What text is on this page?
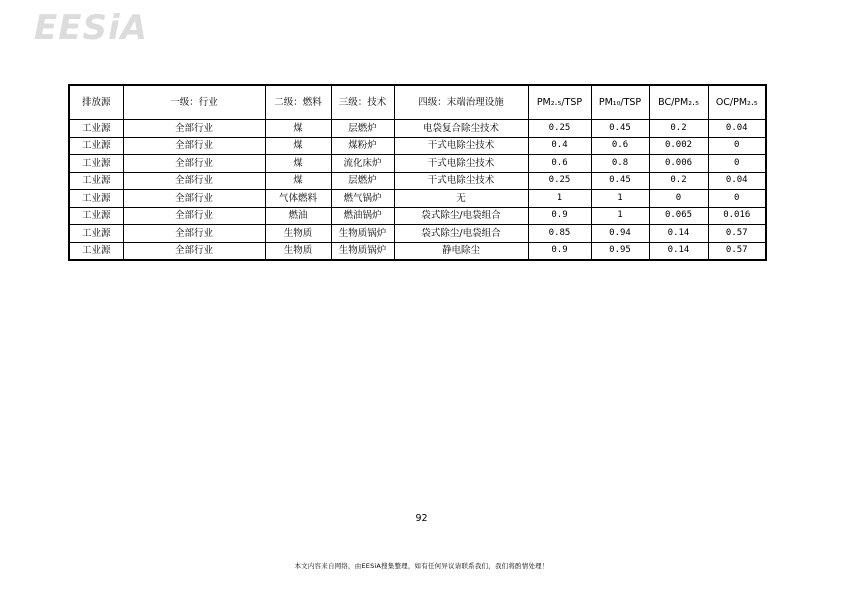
EESiA
排放源	一级：行业	二级：燃料	三级：技术	四级：末端治理设施	PM₂.₅/TSP	PM₁₀/TSP	BC/PM₂.₅	OC/PM₂.₅
工业源	全部行业	煤	层燃炉	电袋复合除尘技术	0.25	0.45	0.2	0.04
工业源	全部行业	煤	煤粉炉	干式电除尘技术	0.4	0.6	0.002	0
工业源	全部行业	煤	流化床炉	干式电除尘技术	0.6	0.8	0.006	0
工业源	全部行业	煤	层燃炉	干式电除尘技术	0.25	0.45	0.2	0.04
工业源	全部行业	气体燃料	燃气锅炉	无	1	1	0	0
工业源	全部行业	燃油	燃油锅炉	袋式除尘/电袋组合	0.9	1	0.065	0.016
工业源	全部行业	生物质	生物质锅炉	袋式除尘/电袋组合	0.85	0.94	0.14	0.57
工业源	全部行业	生物质	生物质锅炉	静电除尘	0.9	0.95	0.14	0.57
92
本文内容来自网络，由EESiA搜集整理，如有任何异议请联系我们，我们将酌情处理！
